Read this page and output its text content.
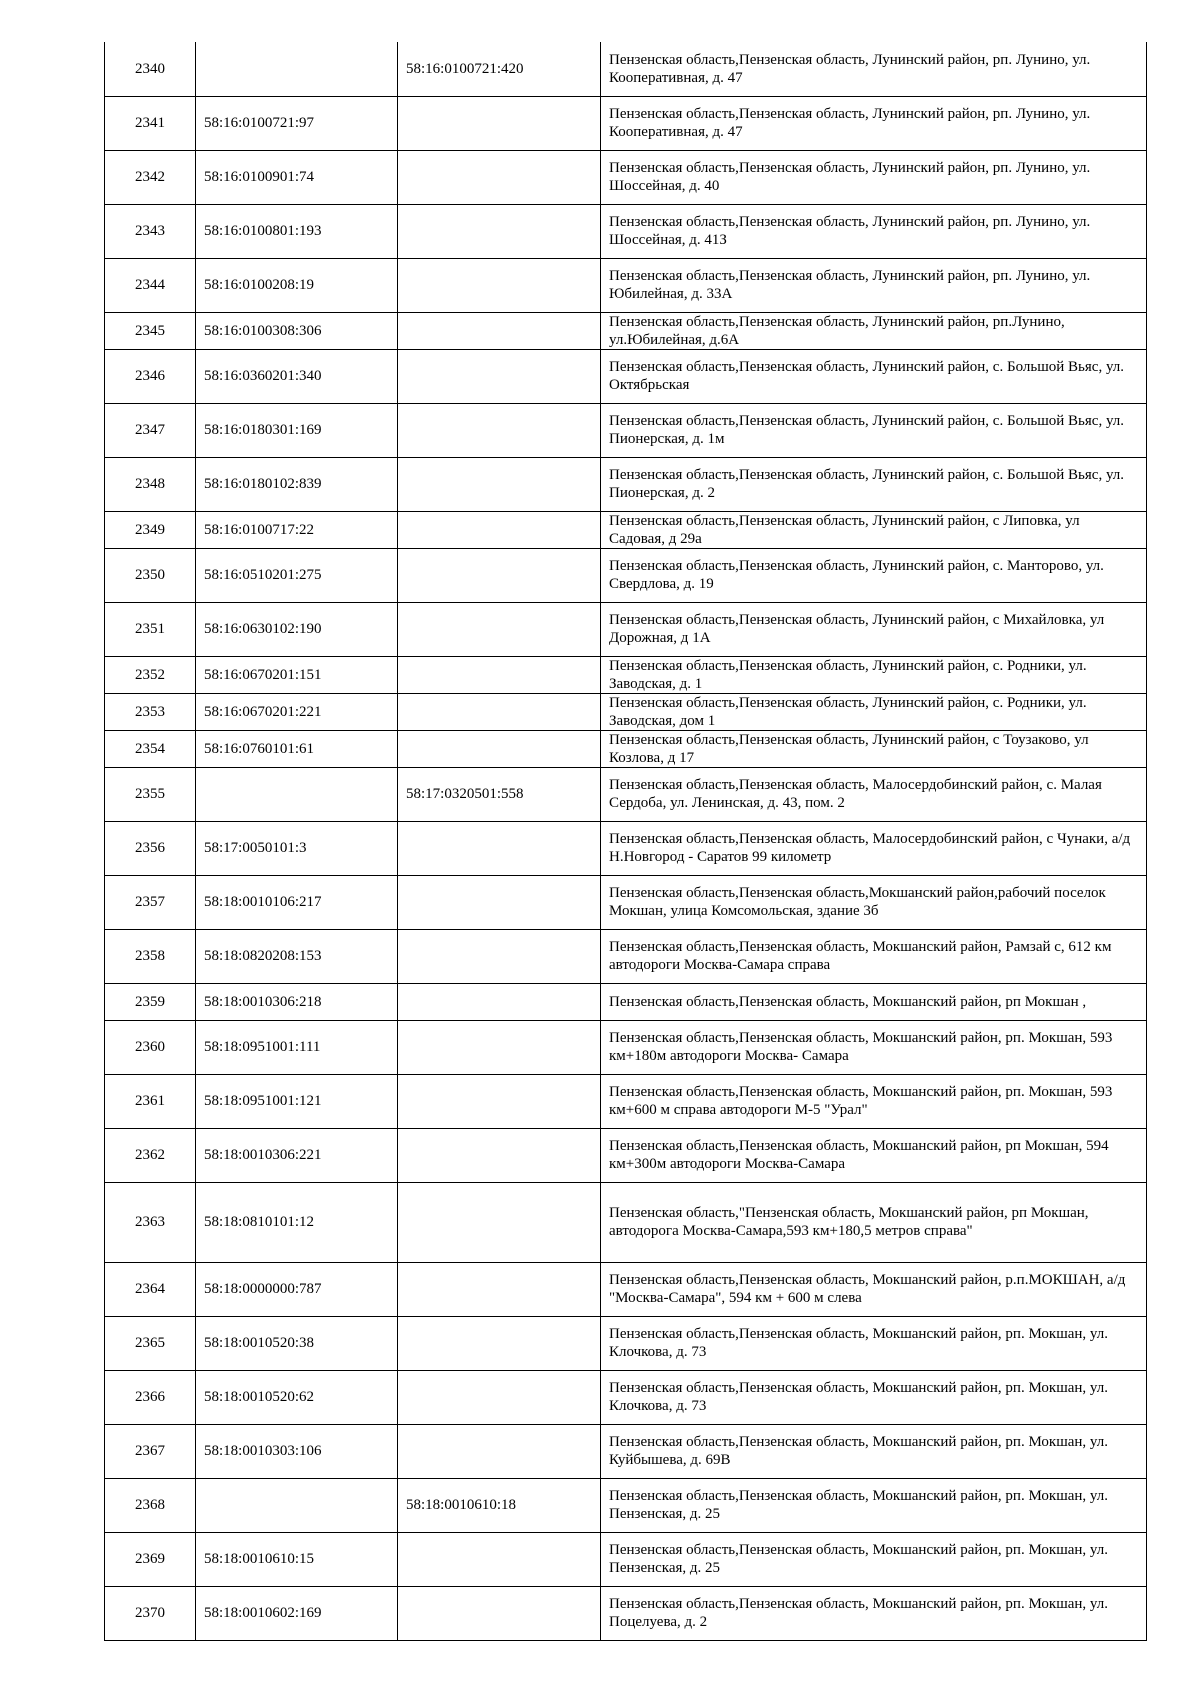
2340		58:16:0100721:420	Пензенская область,Пензенская область, Лунинский район, рп. Лунино, ул. Кооперативная, д. 47
2341	58:16:0100721:97		Пензенская область,Пензенская область, Лунинский район, рп. Лунино, ул. Кооперативная, д. 47
2342	58:16:0100901:74		Пензенская область,Пензенская область, Лунинский район, рп. Лунино, ул. Шоссейная, д. 40
2343	58:16:0100801:193		Пензенская область,Пензенская область, Лунинский район, рп. Лунино, ул. Шоссейная, д. 41З
2344	58:16:0100208:19		Пензенская область,Пензенская область, Лунинский район, рп. Лунино, ул. Юбилейная, д. 33А
2345	58:16:0100308:306		Пензенская область,Пензенская область, Лунинский район, рп.Лунино, ул.Юбилейная, д.6А
2346	58:16:0360201:340		Пензенская область,Пензенская область, Лунинский район, с. Большой Вьяс, ул. Октябрьская
2347	58:16:0180301:169		Пензенская область,Пензенская область, Лунинский район, с. Большой Вьяс, ул. Пионерская, д. 1м
2348	58:16:0180102:839		Пензенская область,Пензенская область, Лунинский район, с. Большой Вьяс, ул. Пионерская, д. 2
2349	58:16:0100717:22		Пензенская область,Пензенская область, Лунинский район, с Липовка, ул Садовая, д 29а
2350	58:16:0510201:275		Пензенская область,Пензенская область, Лунинский район, с. Манторово, ул. Свердлова, д. 19
2351	58:16:0630102:190		Пензенская область,Пензенская область, Лунинский район, с Михайловка, ул Дорожная, д 1А
2352	58:16:0670201:151		Пензенская область,Пензенская область, Лунинский район, с. Родники, ул. Заводская, д. 1
2353	58:16:0670201:221		Пензенская область,Пензенская область, Лунинский район, с. Родники, ул. Заводская, дом 1
2354	58:16:0760101:61		Пензенская область,Пензенская область, Лунинский район, с Тоузаково, ул Козлова, д 17
2355		58:17:0320501:558	Пензенская область,Пензенская область, Малосердобинский район, с. Малая Сердоба, ул. Ленинская, д. 43, пом. 2
2356	58:17:0050101:3		Пензенская область,Пензенская область, Малосердобинский район, с Чунаки, а/д Н.Новгород - Саратов 99 километр
2357	58:18:0010106:217		Пензенская область,Пензенская область,Мокшанский район,рабочий поселок Мокшан, улица Комсомольская, здание 3б
2358	58:18:0820208:153		Пензенская область,Пензенская область, Мокшанский район, Рамзай с, 612 км автодороги Москва-Самара справа
2359	58:18:0010306:218		Пензенская область,Пензенская область, Мокшанский район, рп Мокшан ,
2360	58:18:0951001:111		Пензенская область,Пензенская область, Мокшанский район, рп. Мокшан, 593 км+180м автодороги Москва- Самара
2361	58:18:0951001:121		Пензенская область,Пензенская область, Мокшанский район, рп. Мокшан, 593 км+600 м справа автодороги М-5 "Урал"
2362	58:18:0010306:221		Пензенская область,Пензенская область, Мокшанский район, рп Мокшан, 594 км+300м автодороги Москва-Самара
2363	58:18:0810101:12		Пензенская область,"Пензенская область, Мокшанский район, рп Мокшан, автодорога Москва-Самара,593 км+180,5 метров справа"
2364	58:18:0000000:787		Пензенская область,Пензенская область, Мокшанский район, р.п.МОКШАН, а/д "Москва-Самара", 594 км + 600 м слева
2365	58:18:0010520:38		Пензенская область,Пензенская область, Мокшанский район, рп. Мокшан, ул. Клочкова, д. 73
2366	58:18:0010520:62		Пензенская область,Пензенская область, Мокшанский район, рп. Мокшан, ул. Клочкова, д. 73
2367	58:18:0010303:106		Пензенская область,Пензенская область, Мокшанский район, рп. Мокшан, ул. Куйбышева, д. 69В
2368		58:18:0010610:18	Пензенская область,Пензенская область, Мокшанский район, рп. Мокшан, ул. Пензенская, д. 25
2369	58:18:0010610:15		Пензенская область,Пензенская область, Мокшанский район, рп. Мокшан, ул. Пензенская, д. 25
2370	58:18:0010602:169		Пензенская область,Пензенская область, Мокшанский район, рп. Мокшан, ул. Поцелуева, д. 2
